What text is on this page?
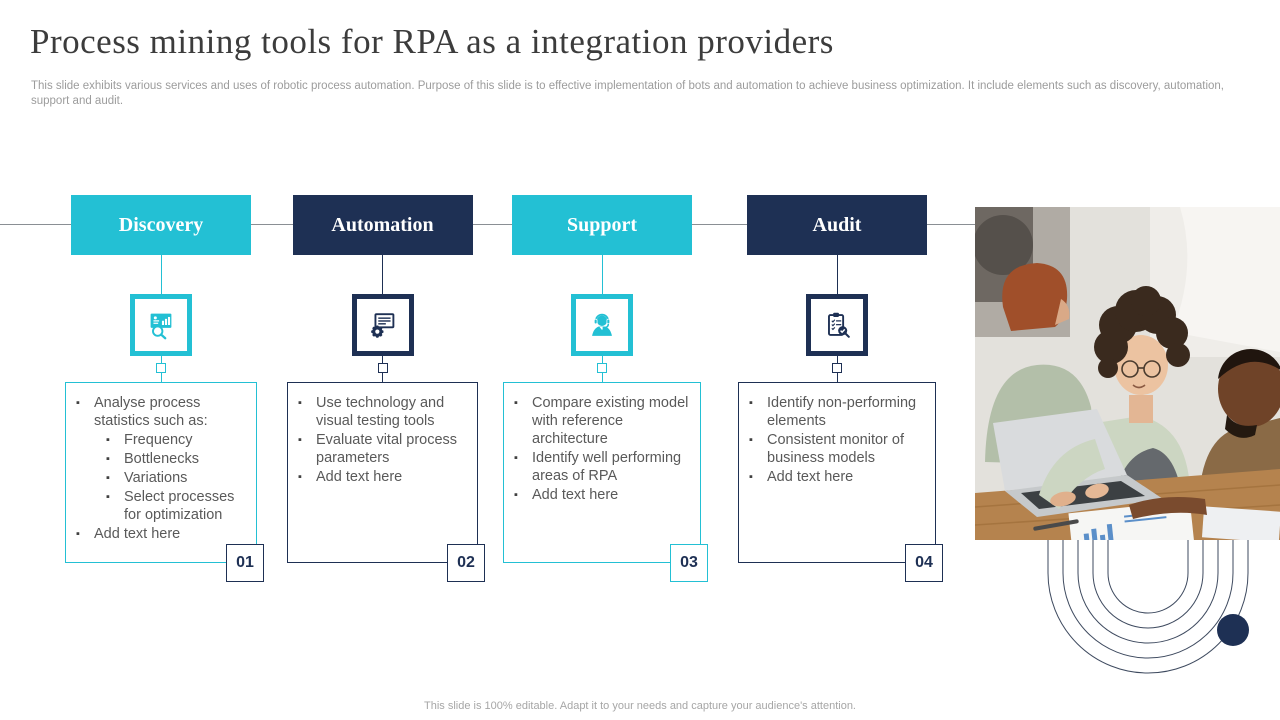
Process mining tools for RPA as a integration providers
This slide exhibits various services and uses of robotic process automation. Purpose of this slide is to effective implementation of bots and automation to achieve business optimization. It include elements such as discovery, automation, support and audit.
Discovery
▪ Analyse process statistics such as:
▪ Frequency
▪ Bottlenecks
▪ Variations
▪ Select processes for optimization
▪ Add text here
01
Automation
▪ Use technology and visual testing tools
▪ Evaluate vital process parameters
▪ Add text here
02
Support
▪ Compare existing model with reference architecture
▪ Identify well performing areas of RPA
▪ Add text here
03
Audit
▪ Identify non-performing elements
▪ Consistent monitor of business models
▪ Add text here
04
This slide is 100% editable. Adapt it to your needs and capture your audience's attention.
